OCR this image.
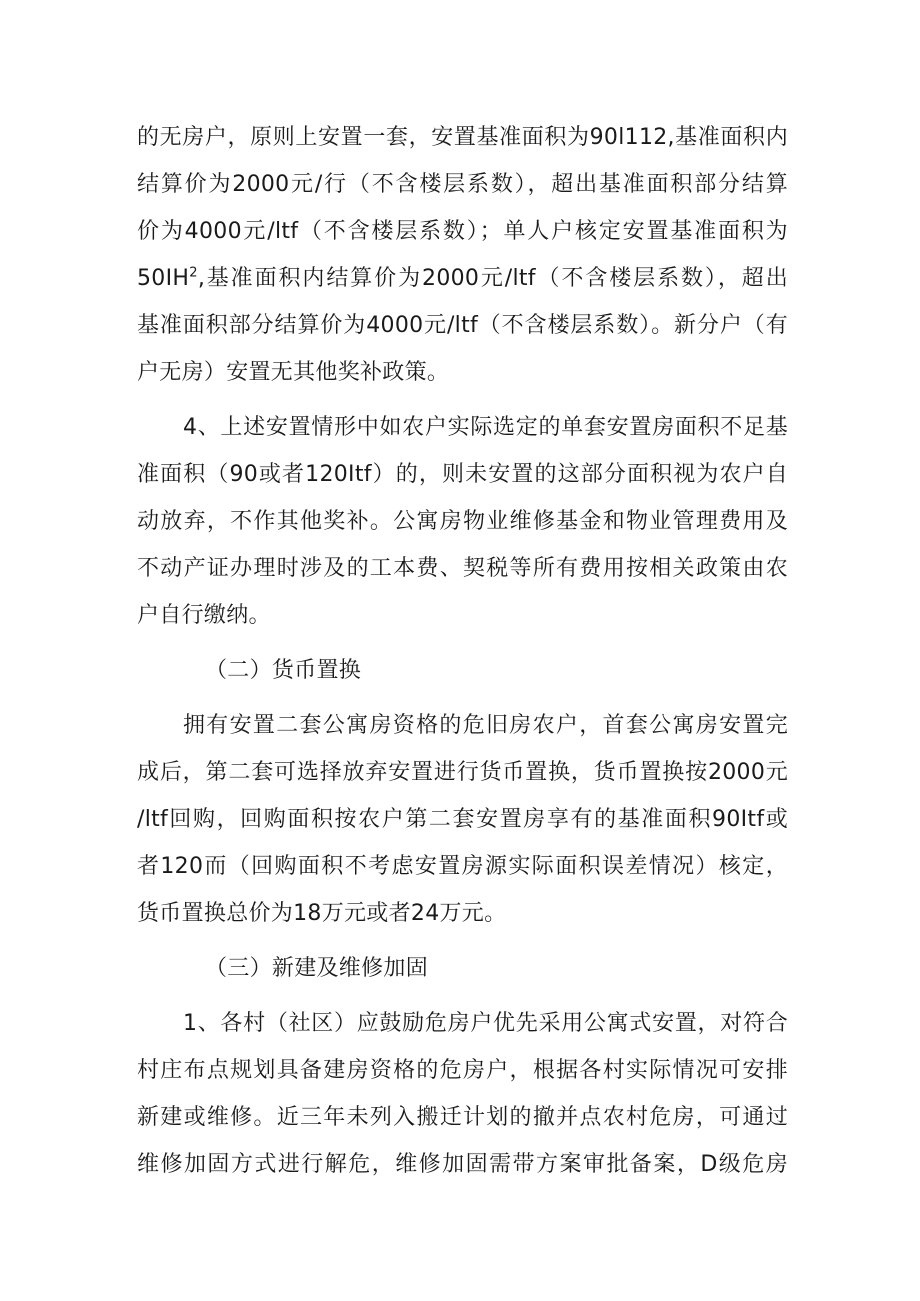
的无房户，原则上安置一套，安置基准面积为90l112,基准面积内
结算价为2000元/行（不含楼层系数），超出基准面积部分结算
价为4000元/ltf（不含楼层系数）；单人户核定安置基准面积为
$50IH^2$,基准面积内结算价为2000元/ltf（不含楼层系数），超出
基准面积部分结算价为4000元/ltf（不含楼层系数）。新分户（有
户无房）安置无其他奖补政策。
4、上述安置情形中如农户实际选定的单套安置房面积不足基
准面积（90或者120Itf）的，则未安置的这部分面积视为农户自
动放弃，不作其他奖补。公寓房物业维修基金和物业管理费用及
不动产证办理时涉及的工本费、契税等所有费用按相关政策由农
户自行缴纳。
（二）货币置换
拥有安置二套公寓房资格的危旧房农户，首套公寓房安置完
成后，第二套可选择放弃安置进行货币置换，货币置换按2000元
/ltf回购，回购面积按农户第二套安置房享有的基准面积90Itf或
者120而（回购面积不考虑安置房源实际面积误差情况）核定，
货币置换总价为18万元或者24万元。
（三）新建及维修加固
1、各村（社区）应鼓励危房户优先采用公寓式安置，对符合
村庄布点规划具备建房资格的危房户，根据各村实际情况可安排
新建或维修。近三年未列入搬迁计划的撤并点农村危房，可通过
维修加固方式进行解危，维修加固需带方案审批备案，D级危房
